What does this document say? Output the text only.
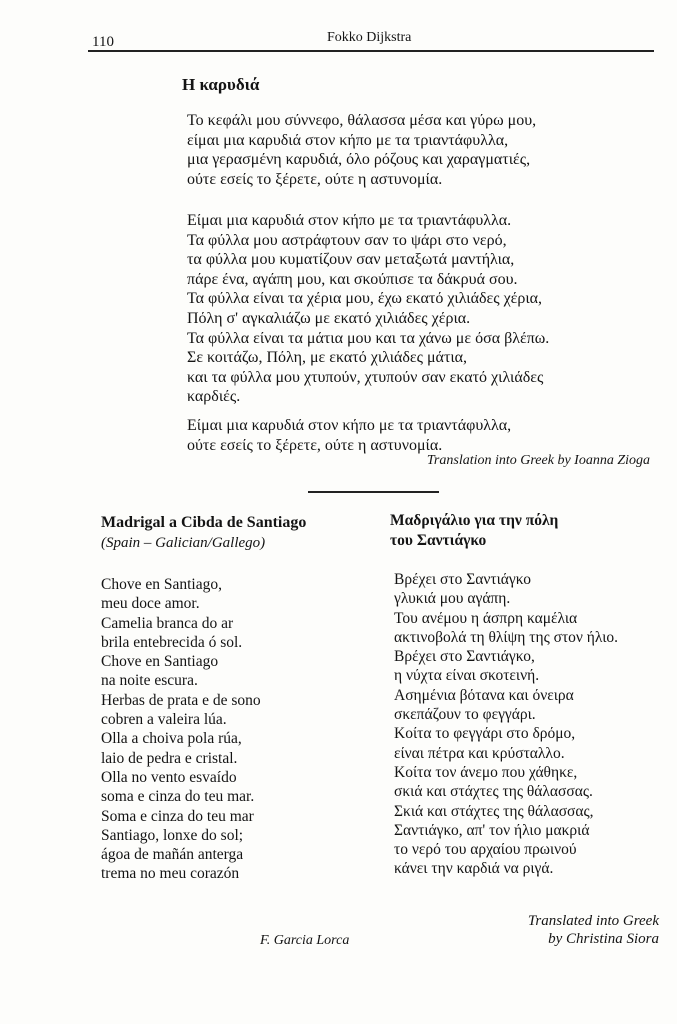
110	Fokko Dijkstra
Η καρυδιά
Το κεφάλι μου σύννεφο, θάλασσα μέσα και γύρω μου,
είμαι μια καρυδιά στον κήπο με τα τριαντάφυλλα,
μια γερασμένη καρυδιά, όλο ρόζους και χαραγματιές,
ούτε εσείς το ξέρετε, ούτε η αστυνομία.
Είμαι μια καρυδιά στον κήπο με τα τριαντάφυλλα.
Τα φύλλα μου αστράφτουν σαν το ψάρι στο νερό,
τα φύλλα μου κυματίζουν σαν μεταξωτά μαντήλια,
πάρε ένα, αγάπη μου, και σκούπισε τα δάκρυά σου.
Τα φύλλα είναι τα χέρια μου, έχω εκατό χιλιάδες χέρια,
Πόλη σ' αγκαλιάζω με εκατό χιλιάδες χέρια.
Τα φύλλα είναι τα μάτια μου και τα χάνω με όσα βλέπω.
Σε κοιτάζω, Πόλη, με εκατό χιλιάδες μάτια,
και τα φύλλα μου χτυπούν, χτυπούν σαν εκατό χιλιάδες
καρδιές.
Είμαι μια καρυδιά στον κήπο με τα τριαντάφυλλα,
ούτε εσείς το ξέρετε, ούτε η αστυνομία.
Translation into Greek by Ioanna Zioga
Madrigal a Cibda de Santiago
(Spain – Galician/Gallego)
Chove en Santiago,
meu doce amor.
Camelia branca do ar
brila entebrecida ó sol.
Chove en Santiago
na noite escura.
Herbas de prata e de sono
cobren a valeira lúa.
Olla a choiva pola rúa,
laio de pedra e cristal.
Olla no vento esvaído
soma e cinza do teu mar.
Soma e cinza do teu mar
Santiago, lonxe do sol;
ágoa de mañán anterga
trema no meu corazón
F. Garcia Lorca
Μαδριγάλιο για την πόλη
του Σαντιάγκο
Βρέχει στο Σαντιάγκο
γλυκιά μου αγάπη.
Του ανέμου η άσπρη καμέλια
ακτινοβολά τη θλίψη της στον ήλιο.
Βρέχει στο Σαντιάγκο,
η νύχτα είναι σκοτεινή.
Ασημένια βότανα και όνειρα
σκεπάζουν το φεγγάρι.
Κοίτα το φεγγάρι στο δρόμο,
είναι πέτρα και κρύσταλλο.
Κοίτα τον άνεμο που χάθηκε,
σκιά και στάχτες της θάλασσας.
Σκιά και στάχτες της θάλασσας,
Σαντιάγκο, απ' τον ήλιο μακριά
το νερό του αρχαίου πρωινού
κάνει την καρδιά να ριγά.
Translated into Greek
by Christina Siora
